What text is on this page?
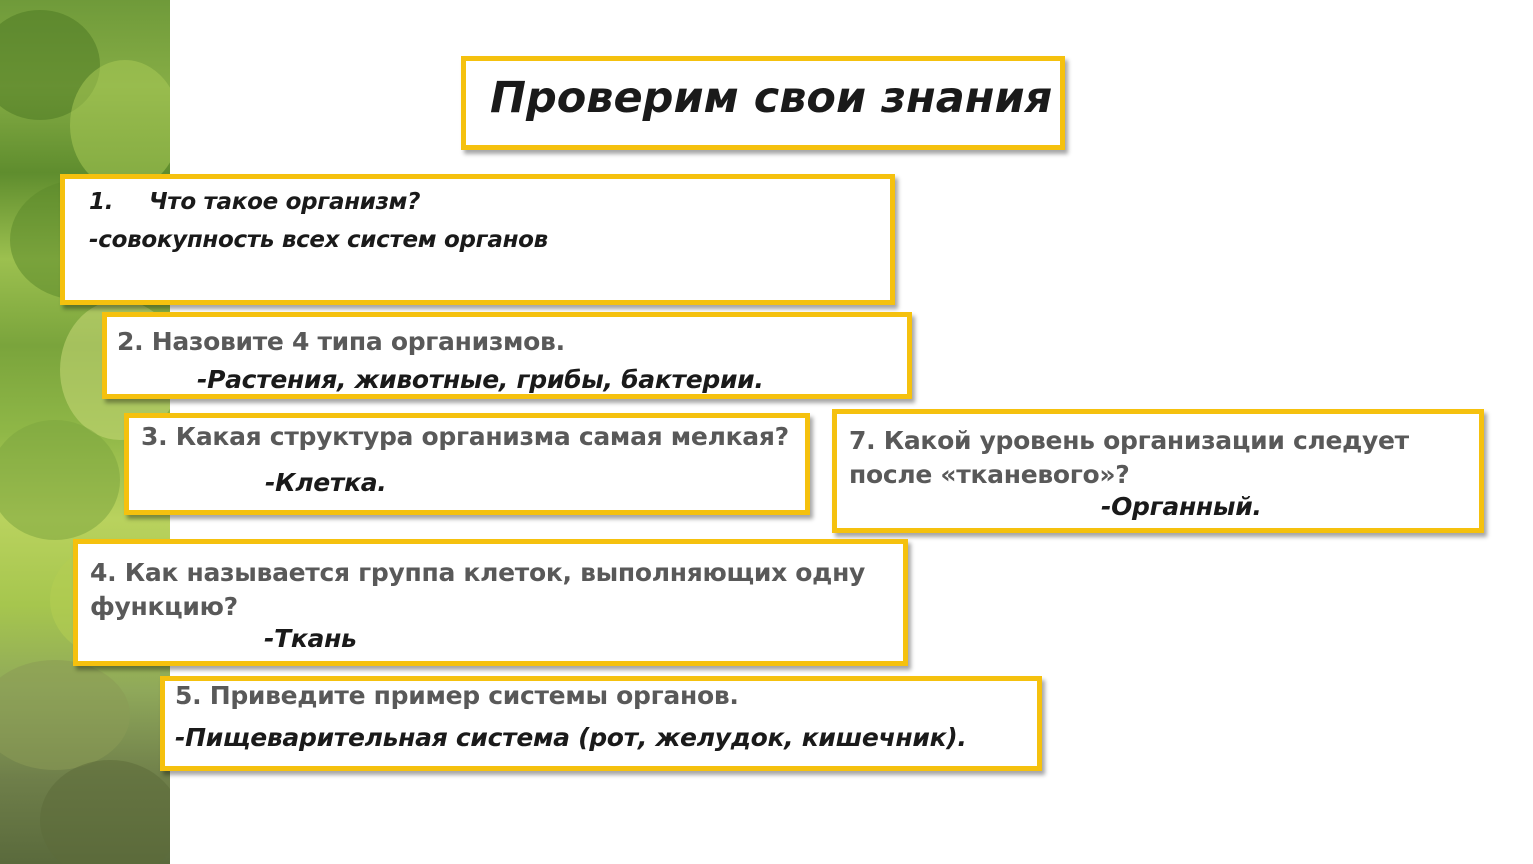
Проверим свои знания
1. Что такое организм?
-совокупность всех систем органов
2. Назовите 4 типа организмов.
-Растения, животные, грибы, бактерии.
3. Какая структура организма самая мелкая?
-Клетка.
7. Какой уровень организации следует
после «тканевого»?
-Органный.
4. Как называется группа клеток, выполняющих одну
функцию?
-Ткань
5. Приведите пример системы органов.
-Пищеварительная система (рот, желудок, кишечник).
